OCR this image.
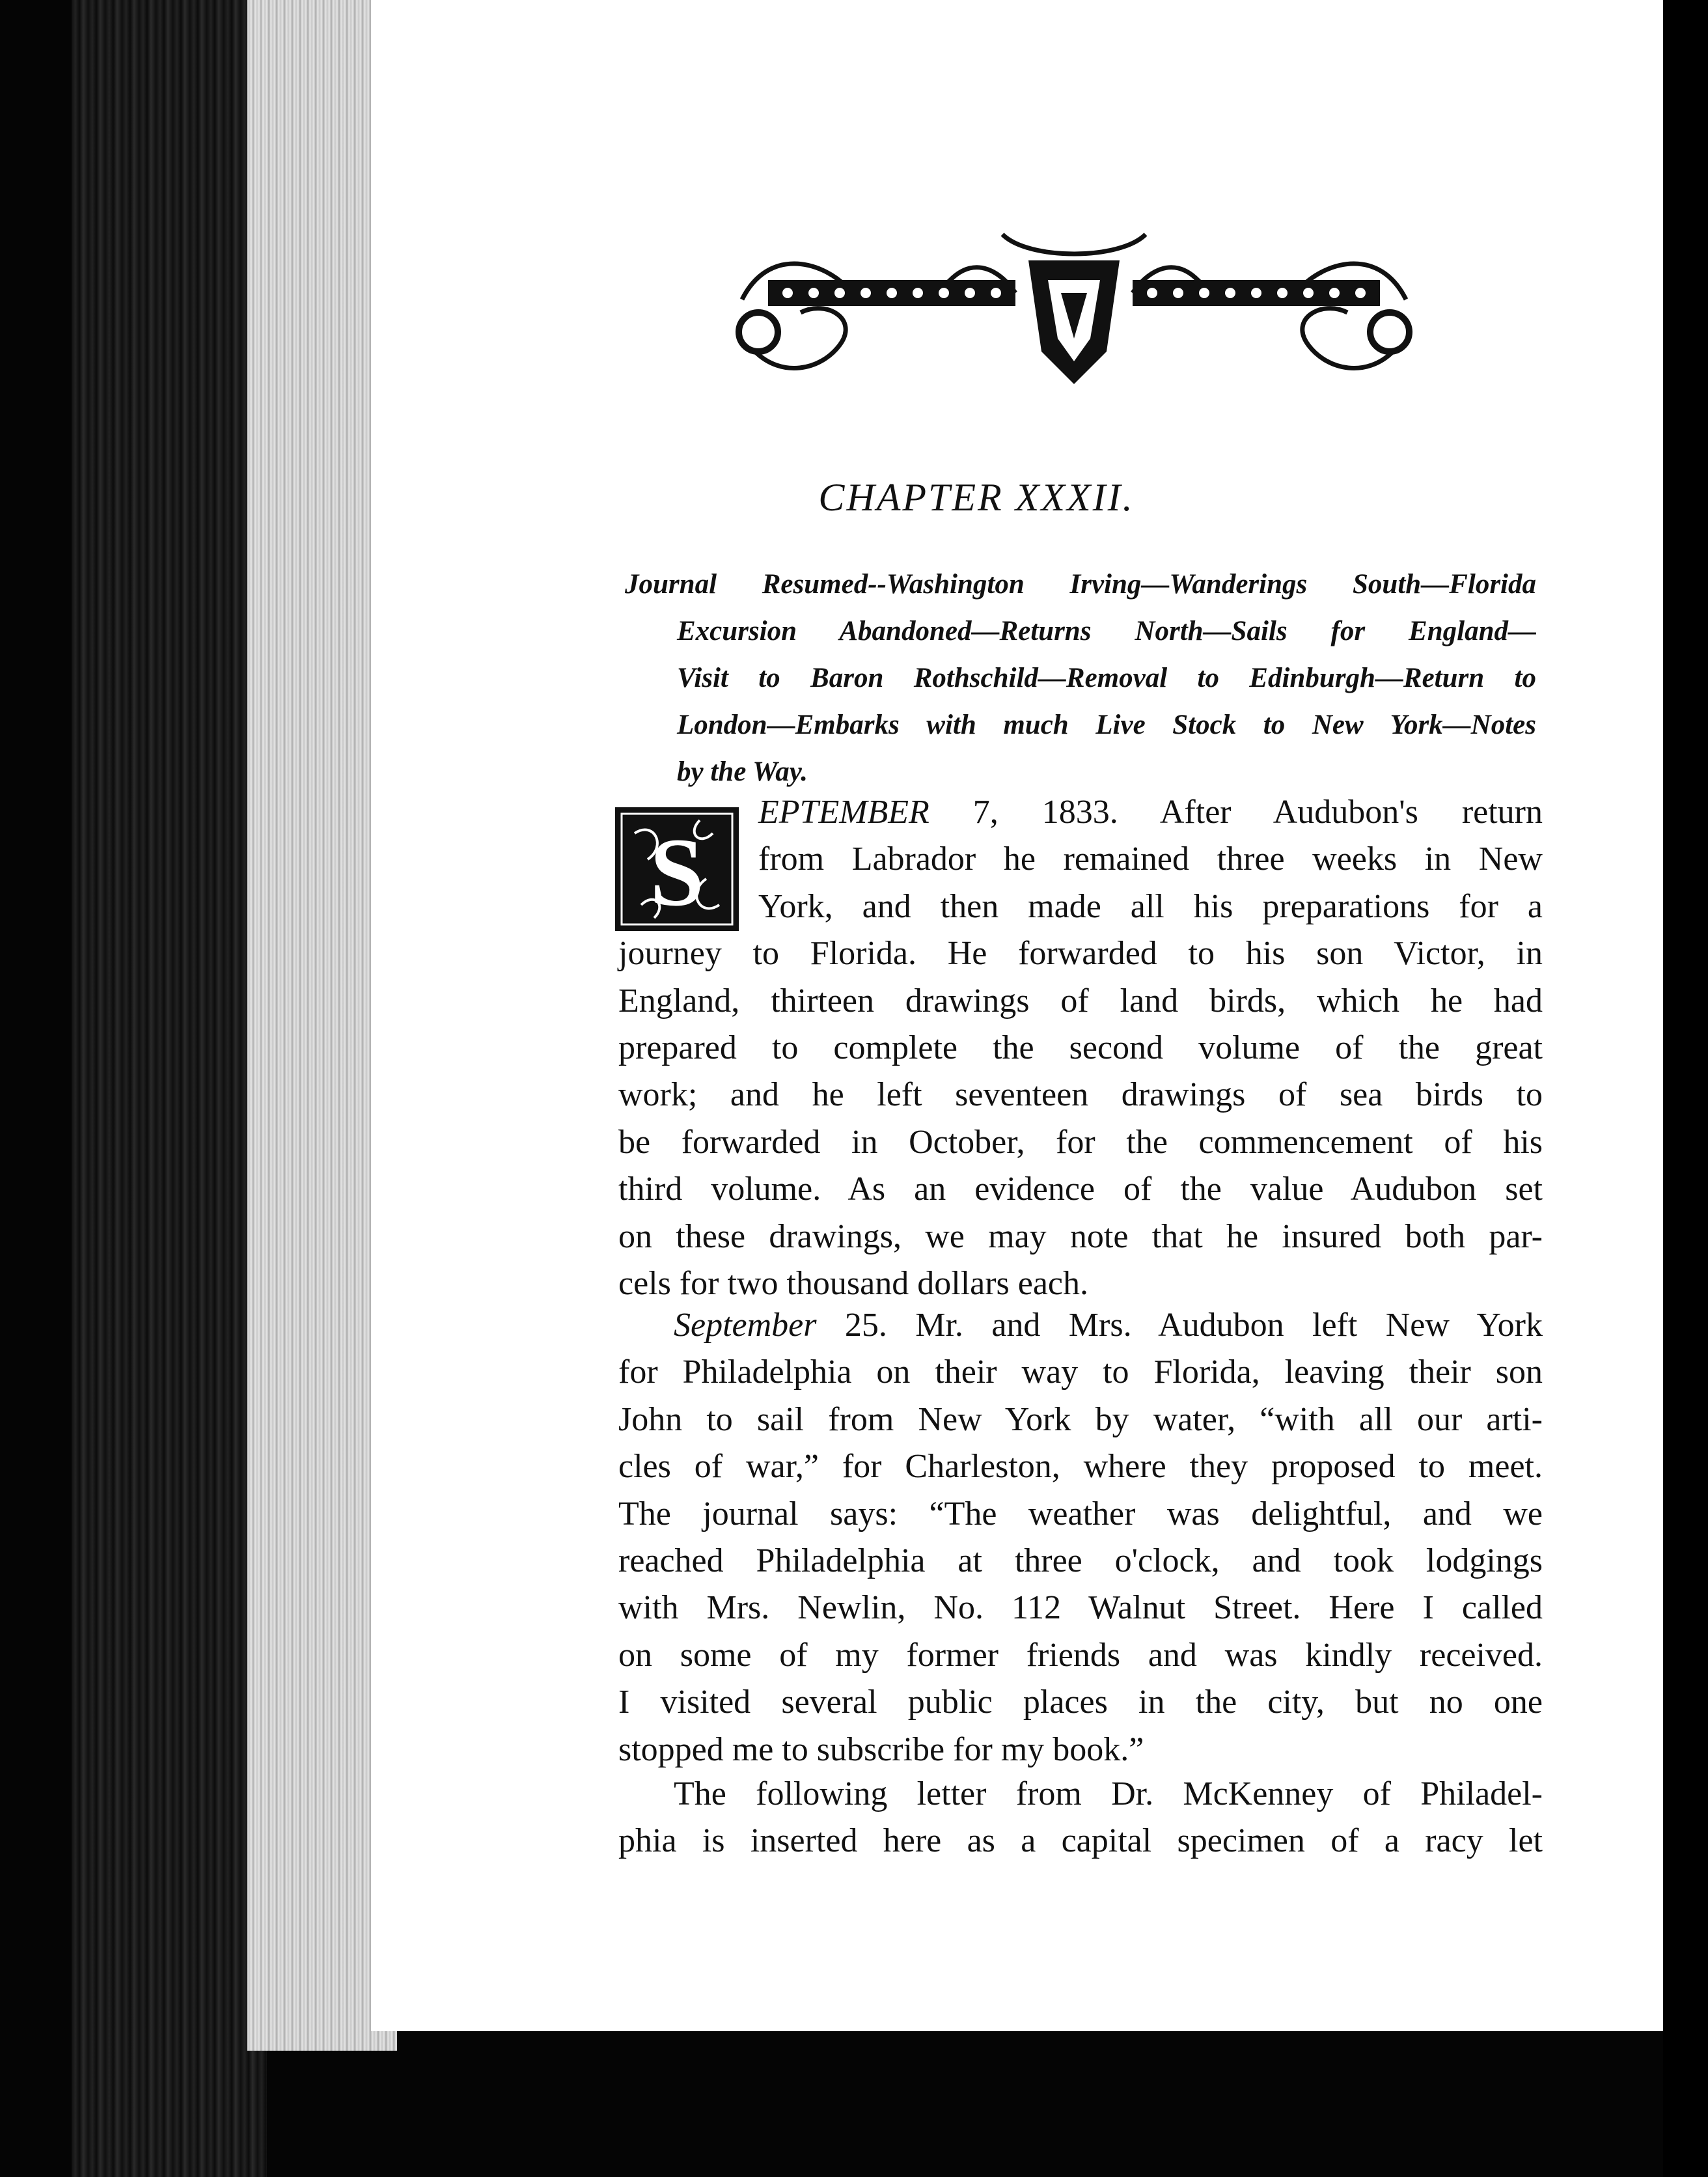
CHAPTER XXXII.
Journal Resumed--Washington Irving—Wanderings South—Florida
Excursion Abandoned—Returns North—Sails for England—
Visit to Baron Rothschild—Removal to Edinburgh—Return to
London—Embarks with much Live Stock to New York—Notes
by the Way.
S
EPTEMBER 7, 1833. After Audubon's return
from Labrador he remained three weeks in New
York, and then made all his preparations for a
journey to Florida. He forwarded to his son Victor, in
England, thirteen drawings of land birds, which he had
prepared to complete the second volume of the great
work; and he left seventeen drawings of sea birds to
be forwarded in October, for the commencement of his
third volume. As an evidence of the value Audubon set
on these drawings, we may note that he insured both par-
cels for two thousand dollars each.
September 25. Mr. and Mrs. Audubon left New York
for Philadelphia on their way to Florida, leaving their son
John to sail from New York by water, “with all our arti-
cles of war,” for Charleston, where they proposed to meet.
The journal says: “The weather was delightful, and we
reached Philadelphia at three o'clock, and took lodgings
with Mrs. Newlin, No. 112 Walnut Street. Here I called
on some of my former friends and was kindly received.
I visited several public places in the city, but no one
stopped me to subscribe for my book.”
The following letter from Dr. McKenney of Philadel-
phia is inserted here as a capital specimen of a racy let
